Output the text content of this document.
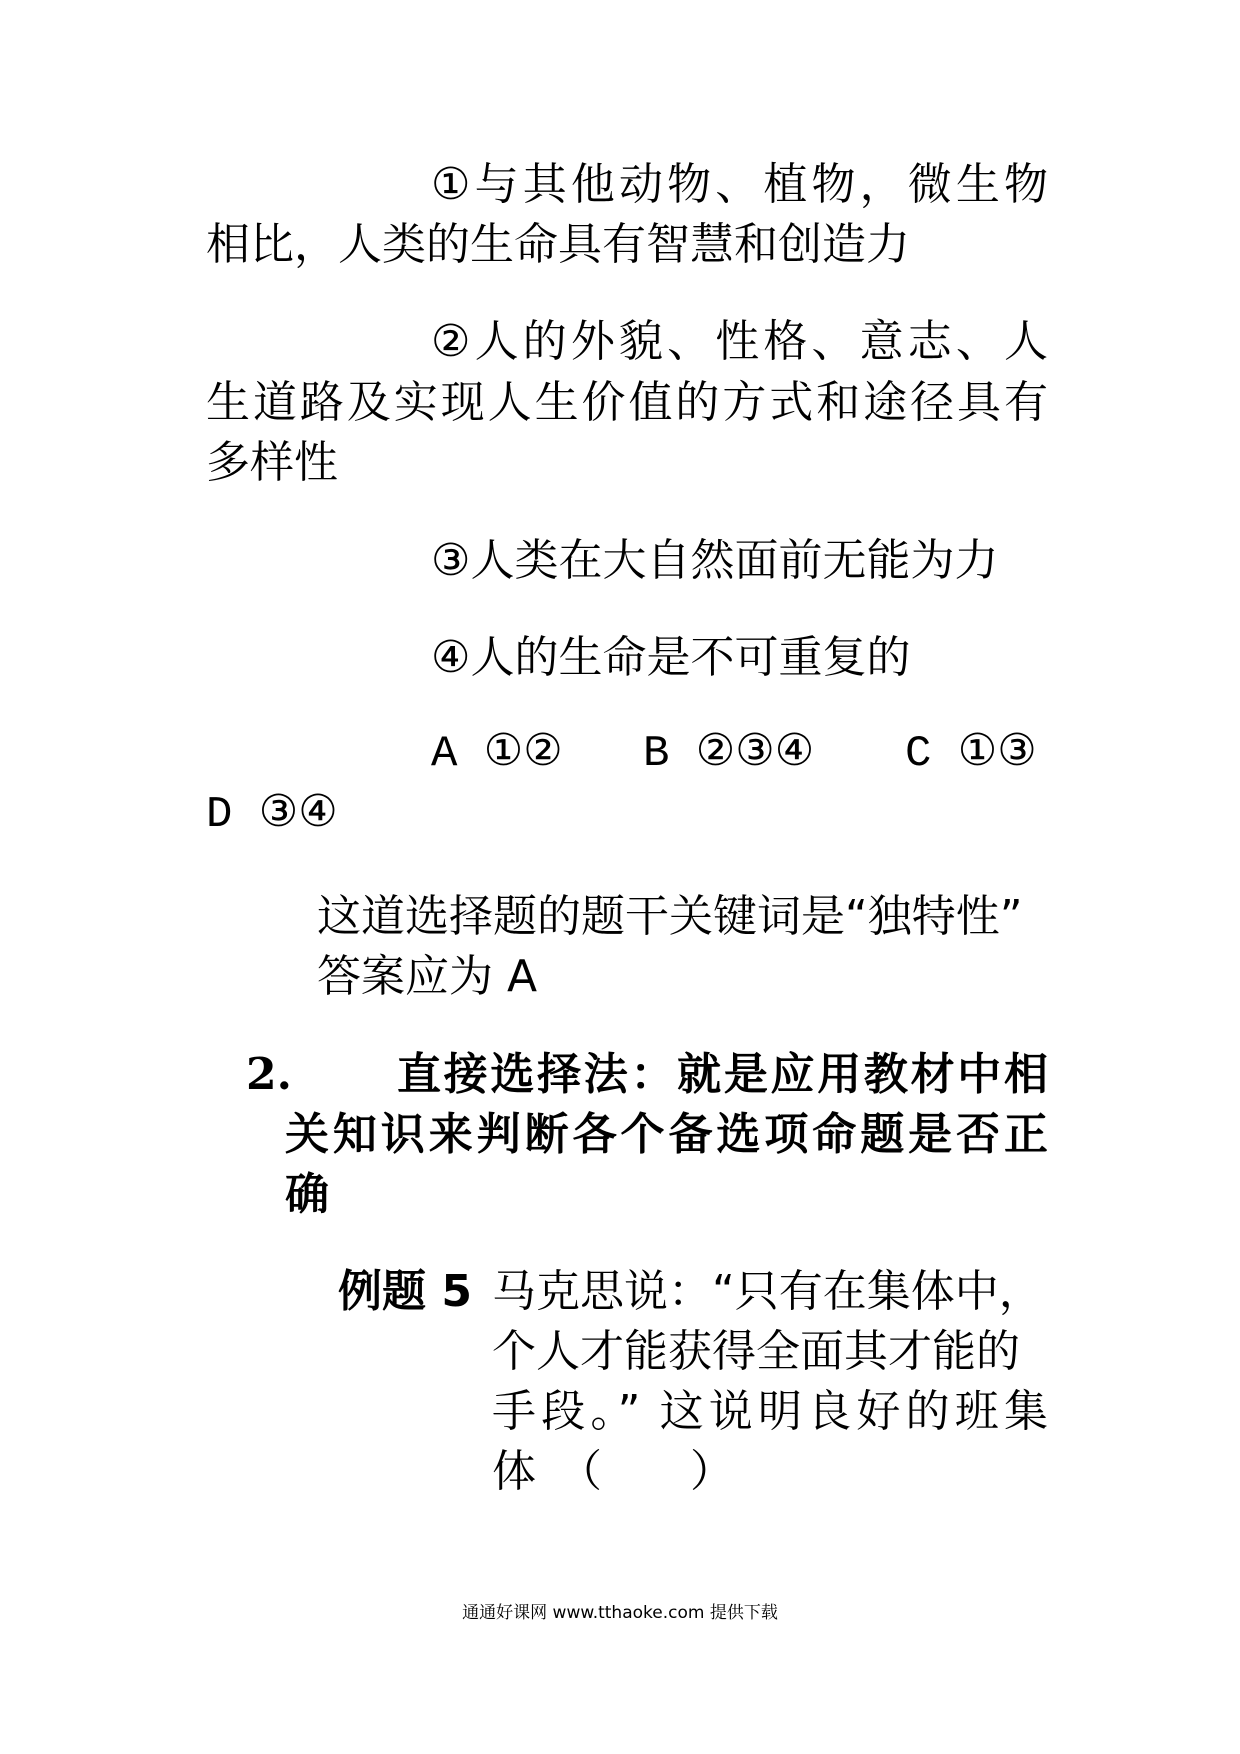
①与其他动物、植物，微生物
相比，人类的生命具有智慧和创造力
②人的外貌、性格、意志、人
生道路及实现人生价值的方式和途径具有
多样性
③人类在大自然面前无能为力
④人的生命是不可重复的
A ①② B ②③④ C ①③
D ③④
这道选择题的题干关键词是“独特性”
答案应为 A
2. 直接选择法：就是应用教材中相
关知识来判断各个备选项命题是否正
确
例题 5 马克思说：“只有在集体中，
个人才能获得全面其才能的
手段。” 这说明良好的班集
体　（　　）
通通好课网 www.tthaoke.com 提供下载
